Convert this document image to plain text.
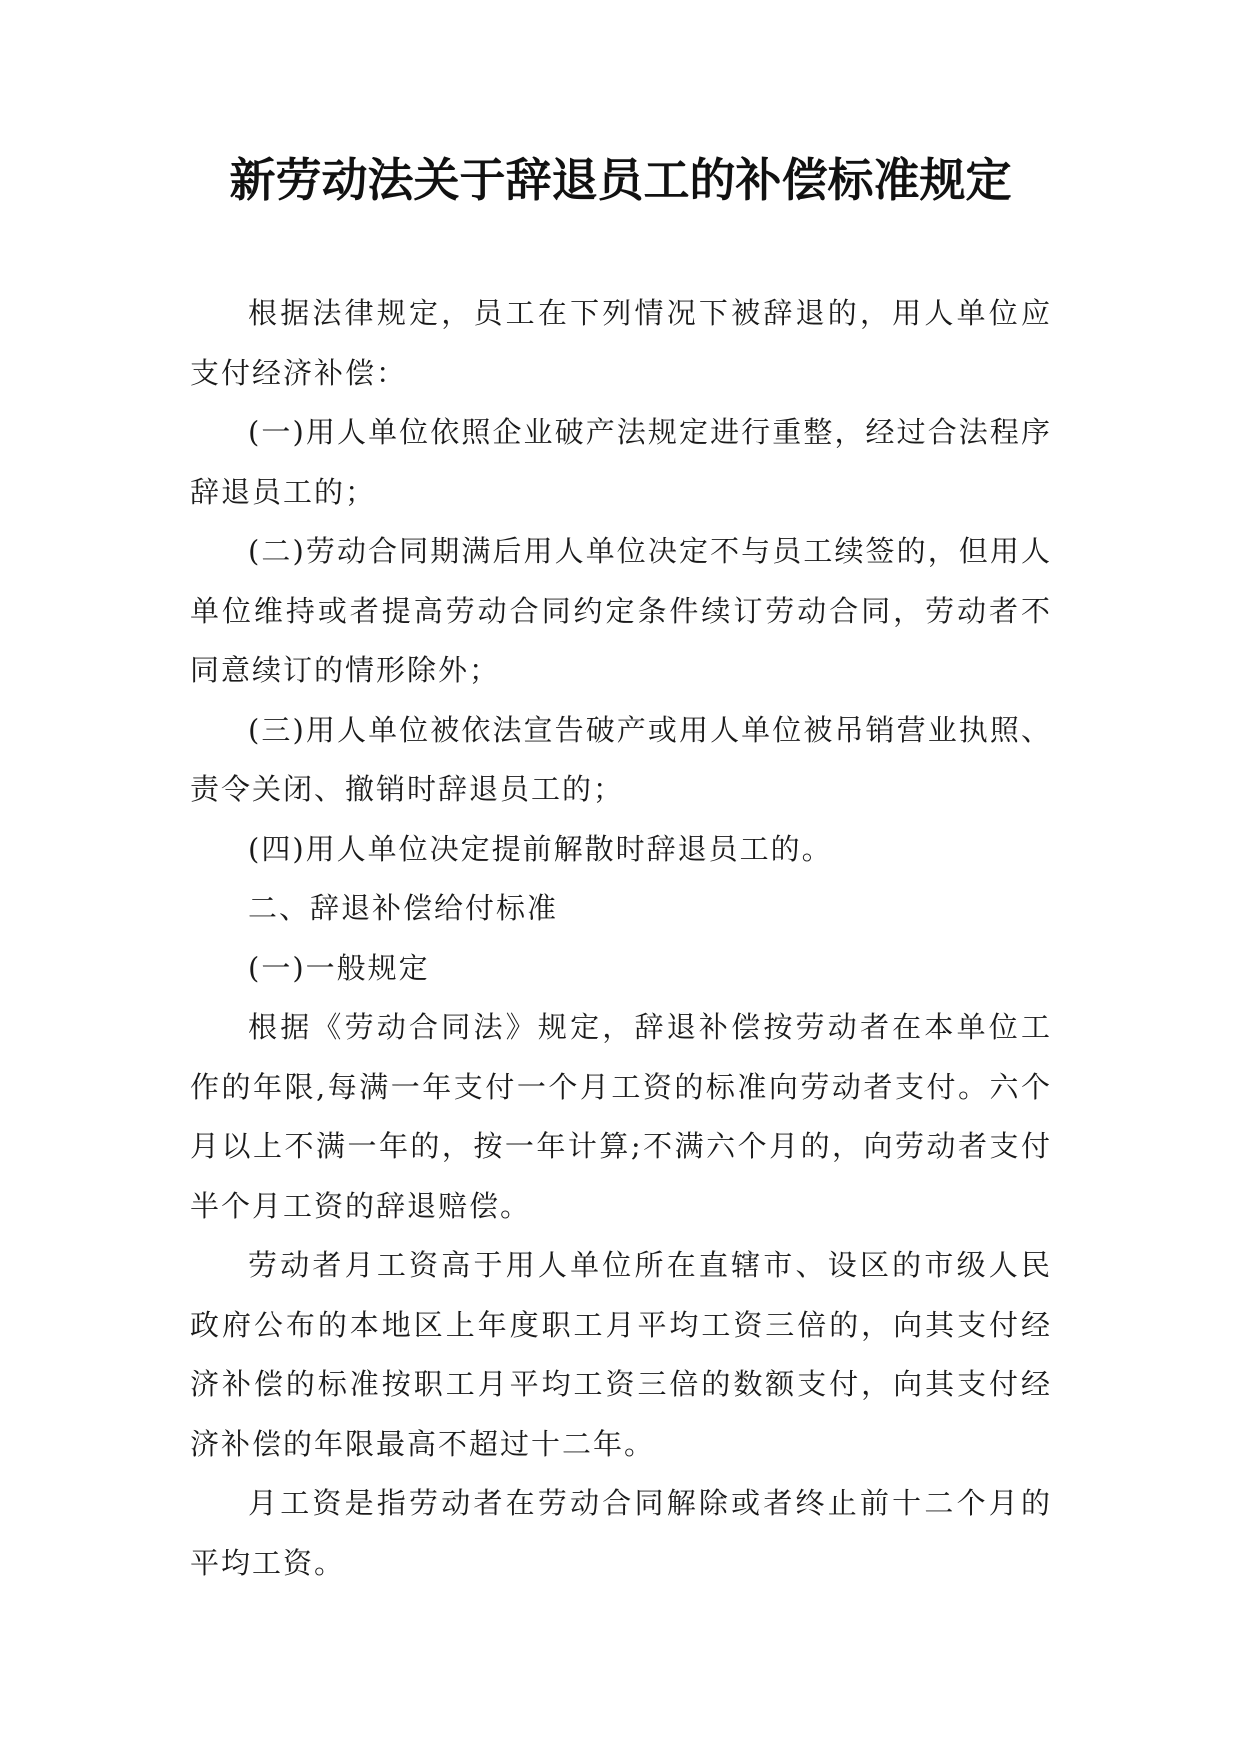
新劳动法关于辞退员工的补偿标准规定

根据法律规定，员工在下列情况下被辞退的，用人单位应支付经济补偿：

(一)用人单位依照企业破产法规定进行重整，经过合法程序辞退员工的；

(二)劳动合同期满后用人单位决定不与员工续签的，但用人单位维持或者提高劳动合同约定条件续订劳动合同，劳动者不同意续订的情形除外；

(三)用人单位被依法宣告破产或用人单位被吊销营业执照、责令关闭、撤销时辞退员工的；

(四)用人单位决定提前解散时辞退员工的。

二、辞退补偿给付标准

(一)一般规定

根据《劳动合同法》规定，辞退补偿按劳动者在本单位工作的年限,每满一年支付一个月工资的标准向劳动者支付。六个月以上不满一年的，按一年计算;不满六个月的，向劳动者支付半个月工资的辞退赔偿。

劳动者月工资高于用人单位所在直辖市、设区的市级人民政府公布的本地区上年度职工月平均工资三倍的，向其支付经济补偿的标准按职工月平均工资三倍的数额支付，向其支付经济补偿的年限最高不超过十二年。

月工资是指劳动者在劳动合同解除或者终止前十二个月的平均工资。
